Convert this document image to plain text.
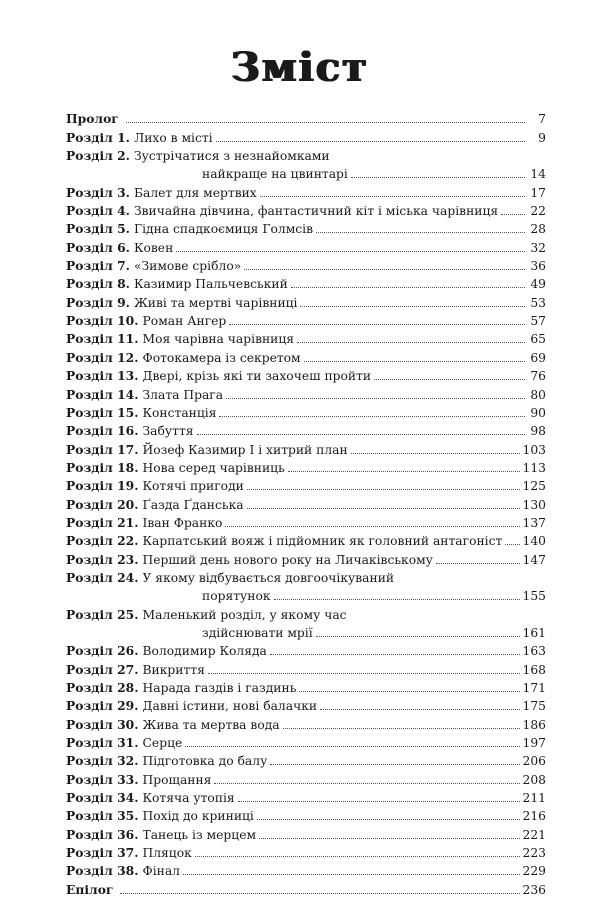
Зміст
Пролог	7
Розділ 1. Лихо в місті	9
Розділ 2. Зустрічатися з незнайомками
найкраще на цвинтарі	14
Розділ 3. Балет для мертвих	17
Розділ 4. Звичайна дівчина, фантастичний кіт і міська чарівниця	22
Розділ 5. Гідна спадкоємиця Голмсів	28
Розділ 6. Ковен	32
Розділ 7. «Зимове срібло»	36
Розділ 8. Казимир Пальчевський	49
Розділ 9. Живі та мертві чарівниці	53
Розділ 10. Роман Ангер	57
Розділ 11. Моя чарівна чарівниця	65
Розділ 12. Фотокамера із секретом	69
Розділ 13. Двері, крізь які ти захочеш пройти	76
Розділ 14. Злата Прага	80
Розділ 15. Констанція	90
Розділ 16. Забуття	98
Розділ 17. Йозеф Казимир І і хитрий план	103
Розділ 18. Нова серед чарівниць	113
Розділ 19. Котячі пригоди	125
Розділ 20. Ґазда Ґданська	130
Розділ 21. Іван Франко	137
Розділ 22. Карпатський вояж і підйомник як головний антагоніст 140
Розділ 23. Перший день нового року на Личаківському	147
Розділ 24. У якому відбувається довгоочікуваний
порятунок	155
Розділ 25. Маленький розділ, у якому час
здійснювати мрії	161
Розділ 26. Володимир Коляда	163
Розділ 27. Викриття	168
Розділ 28. Нарада газдів і газдинь	171
Розділ 29. Давні істини, нові балачки	175
Розділ 30. Жива та мертва вода	186
Розділ 31. Серце	197
Розділ 32. Підготовка до балу	206
Розділ 33. Прощання	208
Розділ 34. Котяча утопія	211
Розділ 35. Похід до криниці	216
Розділ 36. Танець із мерцем	221
Розділ 37. Пляцок	223
Розділ 38. Фінал	229
Епілог	236
